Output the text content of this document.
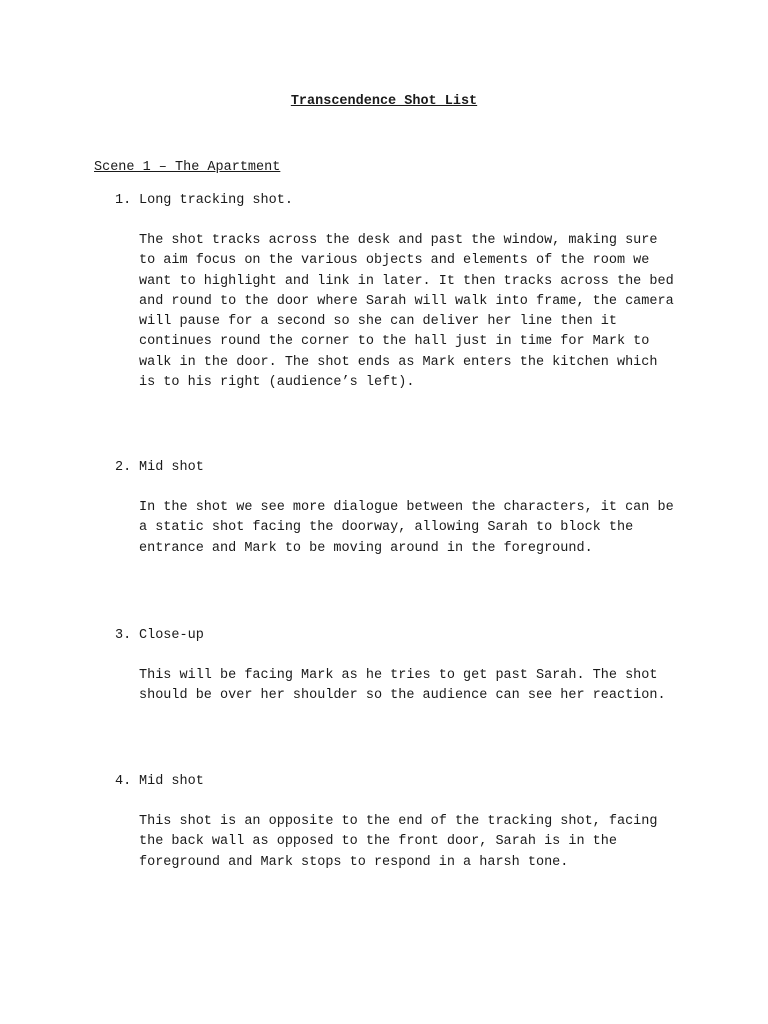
Transcendence Shot List
Scene 1 – The Apartment
1. Long tracking shot.

The shot tracks across the desk and past the window, making sure to aim focus on the various objects and elements of the room we want to highlight and link in later. It then tracks across the bed and round to the door where Sarah will walk into frame, the camera will pause for a second so she can deliver her line then it continues round the corner to the hall just in time for Mark to walk in the door. The shot ends as Mark enters the kitchen which is to his right (audience’s left).

2. Mid shot

In the shot we see more dialogue between the characters, it can be a static shot facing the doorway, allowing Sarah to block the entrance and Mark to be moving around in the foreground.

3. Close-up

This will be facing Mark as he tries to get past Sarah. The shot should be over her shoulder so the audience can see her reaction.

4. Mid shot

This shot is an opposite to the end of the tracking shot, facing the back wall as opposed to the front door, Sarah is in the foreground and Mark stops to respond in a harsh tone.
